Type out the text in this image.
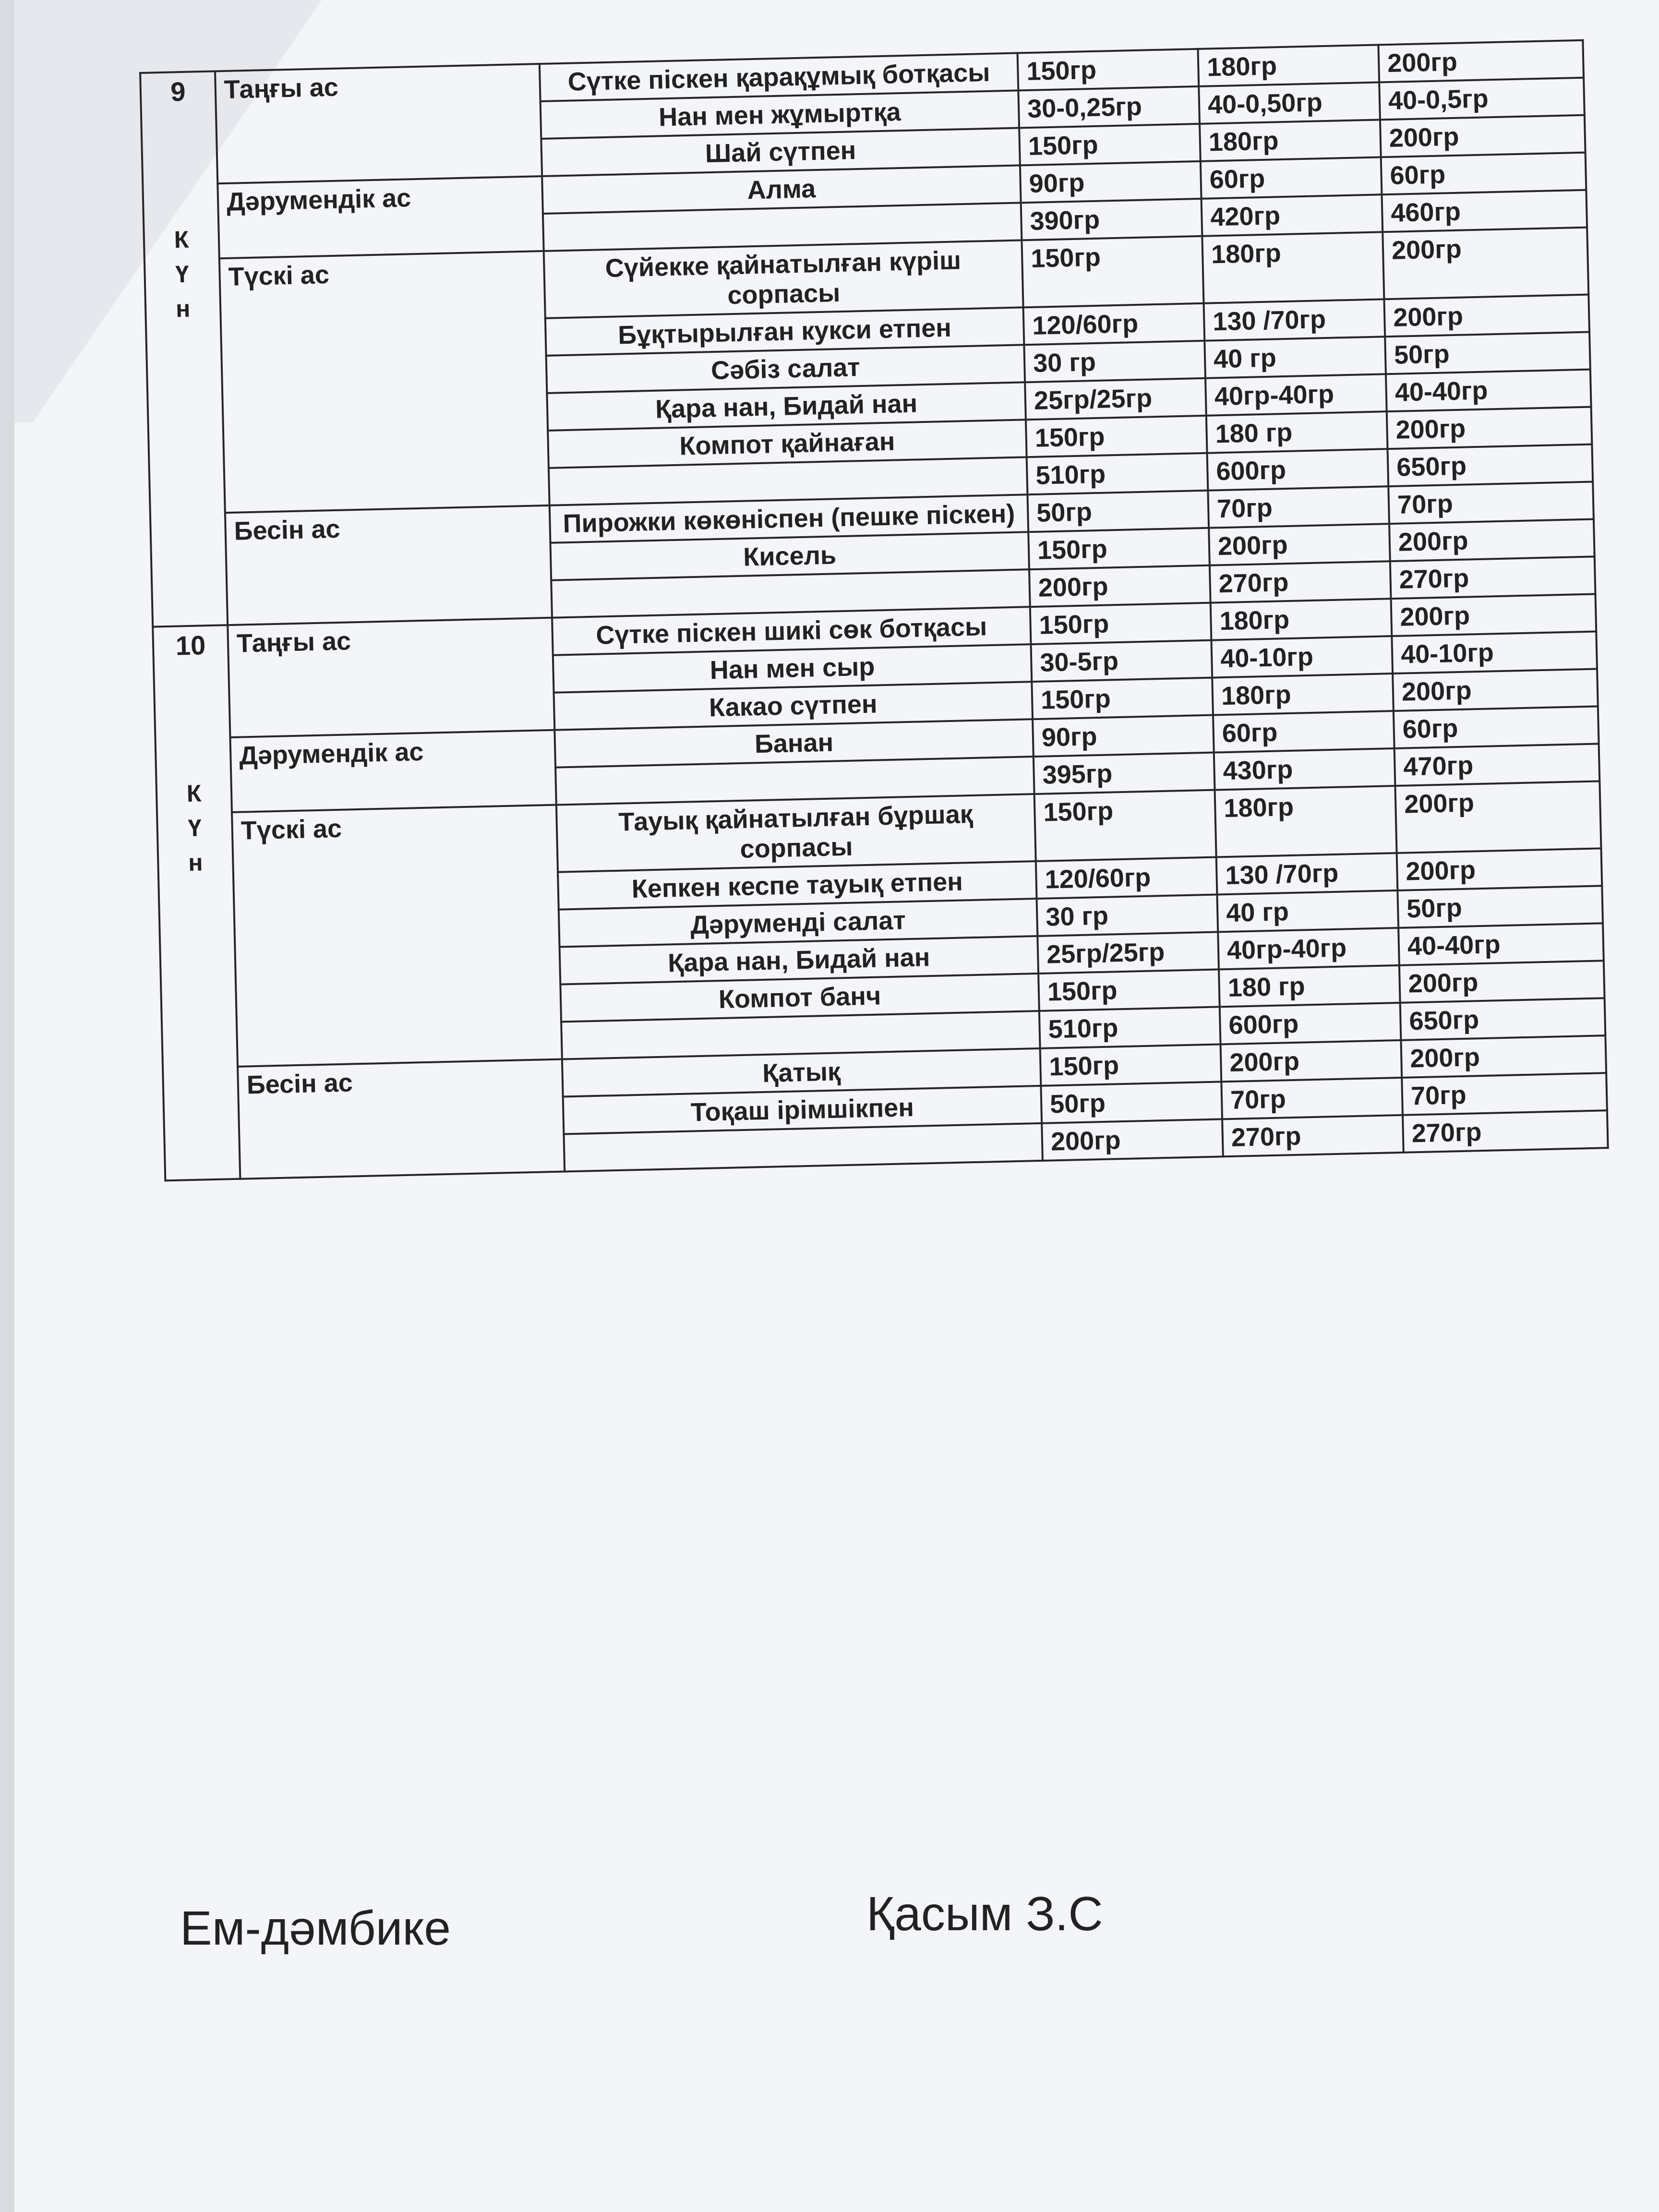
9
К
Ү
н	Таңғы ас	Сүтке піскен қарақұмық ботқасы	150гр	180гр	200гр
		Нан мен жұмыртқа	30-0,25гр	40-0,50гр	40-0,5гр
		Шай сүтпен	150гр	180гр	200гр
	Дәрумендік ас	Алма	90гр	60гр	60гр
			390гр	420гр	460гр
	Түскі ас	Сүйекке қайнатылған күріш сорпасы	150гр	180гр	200гр
		Бұқтырылған кукси етпен	120/60гр	130 /70гр	200гр
		Сәбіз салат	30 гр	40 гр	50гр
		Қара нан, Бидай нан	25гр/25гр	40гр-40гр	40-40гр
		Компот қайнаған	150гр	180 гр	200гр
			510гр	600гр	650гр
	Бесін ас	Пирожки көкөніспен (пешке піскен)	50гр	70гр	70гр
		Кисель	150гр	200гр	200гр
			200гр	270гр	270гр

10
К
Ү
н	Таңғы ас	Сүтке піскен шикі сөк ботқасы	150гр	180гр	200гр
		Нан мен сыр	30-5гр	40-10гр	40-10гр
		Какао сүтпен	150гр	180гр	200гр
	Дәрумендік ас	Банан	90гр	60гр	60гр
			395гр	430гр	470гр
	Түскі ас	Тауық қайнатылған бұршақ сорпасы	150гр	180гр	200гр
		Кепкен кеспе тауық етпен	120/60гр	130 /70гр	200гр
		Дәруменді салат	30 гр	40 гр	50гр
		Қара нан, Бидай нан	25гр/25гр	40гр-40гр	40-40гр
		Компот банч	150гр	180 гр	200гр
			510гр	600гр	650гр
	Бесін ас	Қатық	150гр	200гр	200гр
		Тоқаш ірімшікпен	50гр	70гр	70гр
			200гр	270гр	270гр
Ем-дәмбике	Қасым З.С
